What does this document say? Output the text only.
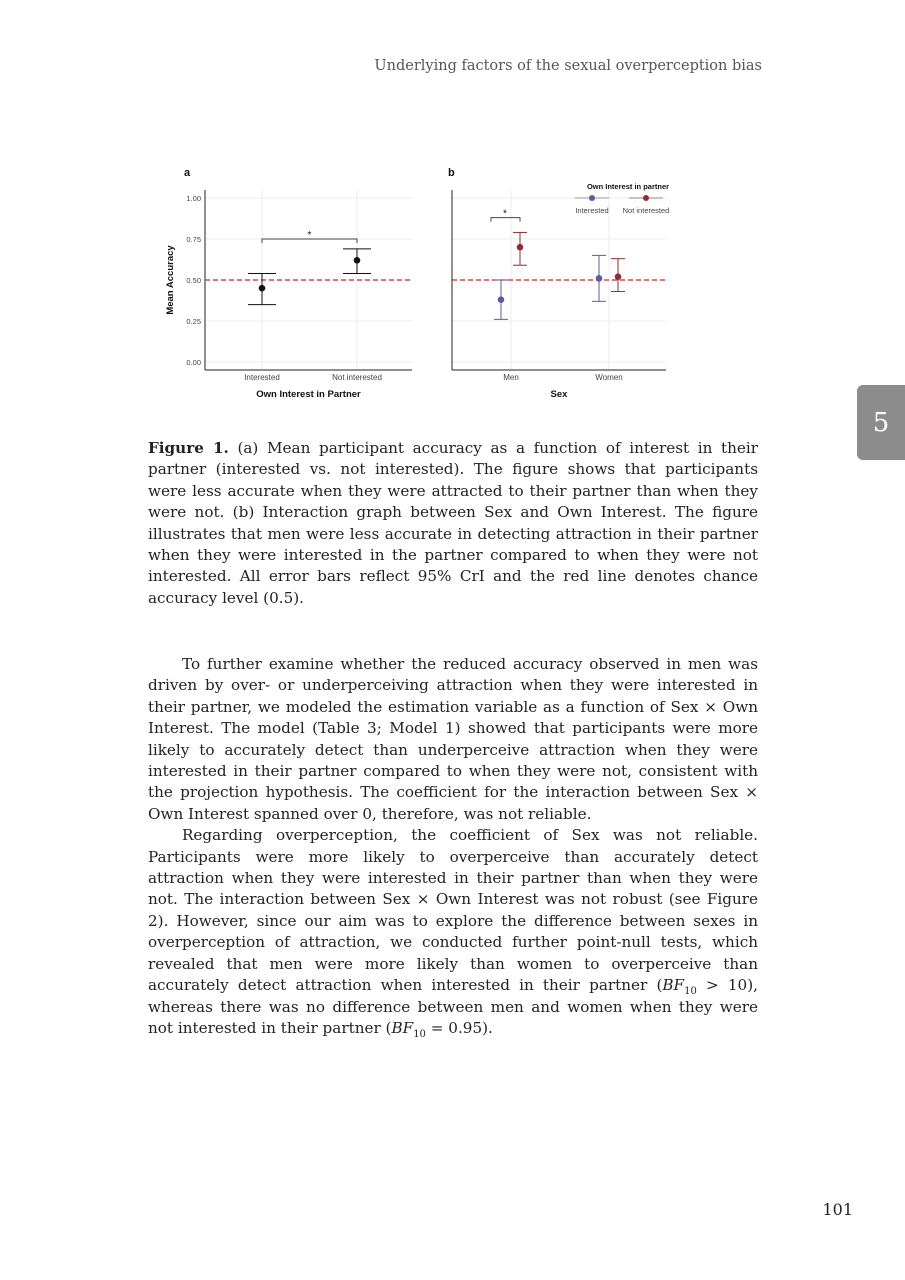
Underlying factors of the sexual overperception bias
5
a
0.00
0.25
0.50
0.75
1.00
Interested	Not interested
*
Own Interest in Partner
Mean Accuracy
b
Men	Women
*
Sex
Own Interest in partner
Interested Not interested
Figure 1. (a) Mean participant accuracy as a function of interest in their partner (interested vs. not interested). The figure shows that participants were less accurate when they were attracted to their partner than when they were not. (b) Interaction graph between Sex and Own Interest. The figure illustrates that men were less accurate in detecting attraction in their partner when they were interested in the partner compared to when they were not interested. All error bars reflect 95% CrI and the red line denotes chance accuracy level (0.5).

To further examine whether the reduced accuracy observed in men was driven by over- or underperceiving attraction when they were interested in their partner, we modeled the estimation variable as a function of Sex × Own Interest. The model (Table 3; Model 1) showed that participants were more likely to accurately detect than underperceive attraction when they were interested in their partner compared to when they were not, consistent with the projection hypothesis. The coefficient for the interaction between Sex × Own Interest spanned over 0, therefore, was not reliable.

Regarding overperception, the coefficient of Sex was not reliable. Participants were more likely to overperceive than accurately detect attraction when they were interested in their partner than when they were not. The interaction between Sex × Own Interest was not robust (see Figure 2). However, since our aim was to explore the difference between sexes in overperception of attraction, we conducted further point-null tests, which revealed that men were more likely than women to overperceive than accurately detect attraction when interested in their partner $(BF_{10} > 10)$, whereas there was no difference between men and women when they were not interested in their partner $(BF_{10} = 0.95)$.

101
